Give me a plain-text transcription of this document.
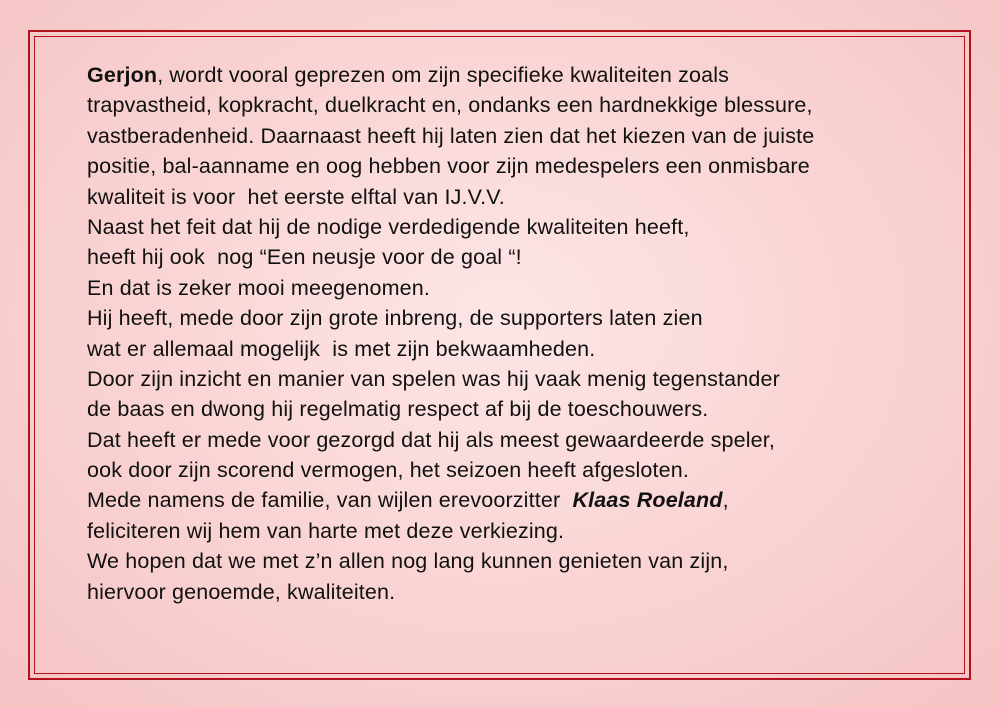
Gerjon, wordt vooral geprezen om zijn specifieke kwaliteiten zoals
trapvastheid, kopkracht, duelkracht en, ondanks een hardnekkige blessure,
vastberadenheid. Daarnaast heeft hij laten zien dat het kiezen van de juiste
positie, bal-aanname en oog hebben voor zijn medespelers een onmisbare
kwaliteit is voor  het eerste elftal van IJ.V.V.
Naast het feit dat hij de nodige verdedigende kwaliteiten heeft,
heeft hij ook  nog “Een neusje voor de goal “!
En dat is zeker mooi meegenomen.
Hij heeft, mede door zijn grote inbreng, de supporters laten zien
wat er allemaal mogelijk  is met zijn bekwaamheden.
Door zijn inzicht en manier van spelen was hij vaak menig tegenstander
de baas en dwong hij regelmatig respect af bij de toeschouwers.
Dat heeft er mede voor gezorgd dat hij als meest gewaardeerde speler,
ook door zijn scorend vermogen, het seizoen heeft afgesloten.
Mede namens de familie, van wijlen erevoorzitter  Klaas Roeland,
feliciteren wij hem van harte met deze verkiezing.
We hopen dat we met z’n allen nog lang kunnen genieten van zijn,
hiervoor genoemde, kwaliteiten.
